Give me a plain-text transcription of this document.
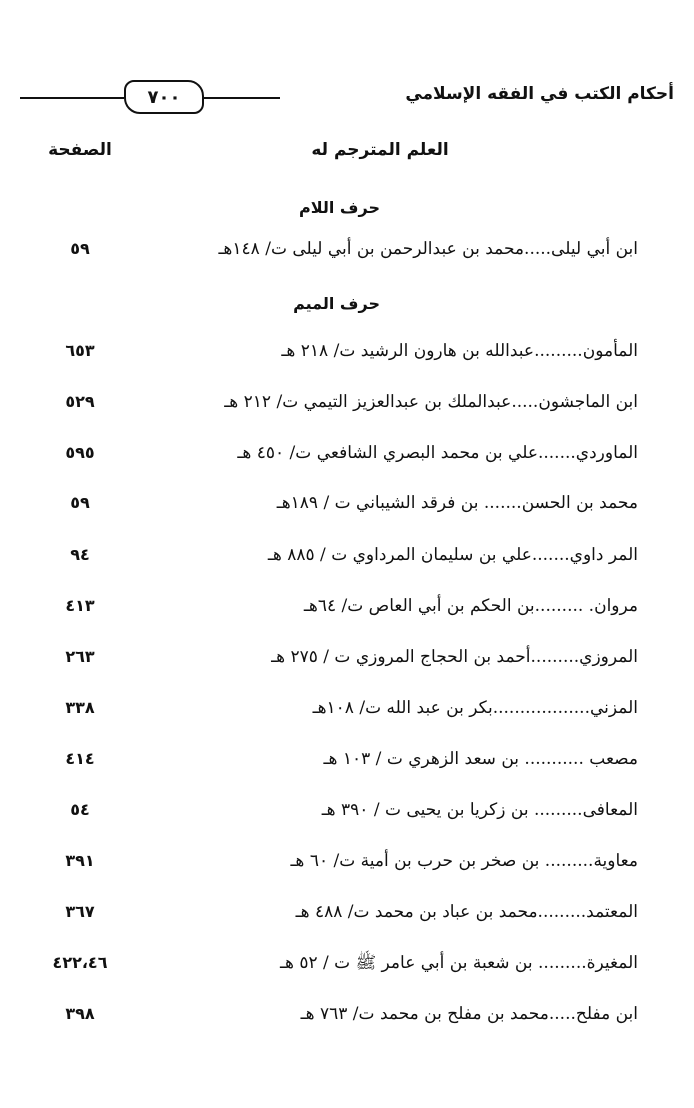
٧٠٠	أحكام الكتب في الفقه الإسلامي
العلم المترجم له
الصفحة
حرف اللام
ابن أبي ليلى.....محمد بن عبدالرحمن بن أبي ليلى ت/ ١٤٨هـ
٥٩
حرف الميم
المأمون.........عبدالله بن هارون الرشيد ت/ ٢١٨ هـ
٦٥٣
ابن الماجشون.....عبدالملك بن عبدالعزيز التيمي ت/ ٢١٢ هـ
٥٢٩
الماوردي.......علي بن محمد البصري الشافعي ت/ ٤٥٠ هـ
٥٩٥
محمد بن الحسن....... بن فرقد الشيباني ت / ١٨٩هـ
٥٩
المر داوي.......علي بن سليمان المرداوي ت / ٨٨٥ هـ
٩٤
مروان. .........بن الحكم بن أبي العاص ت/ ٦٤هـ
٤١٣
المروزي.........أحمد بن الحجاج المروزي ت / ٢٧٥ هـ
٢٦٣
المزني..................بكر بن عبد الله ت/ ١٠٨هـ
٣٣٨
مصعب ........... بن سعد الزهري ت / ١٠٣ هـ
٤١٤
المعافى......... بن زكريا بن يحيى ت / ٣٩٠ هـ
٥٤
معاوية......... بن صخر بن حرب بن أمية ت/ ٦٠ هـ
٣٩١
المعتمد.........محمد بن عباد بن محمد ت/ ٤٨٨ هـ
٣٦٧
المغيرة......... بن شعبة بن أبي عامر ﷺ ت / ٥٢ هـ
٤٢٢،٤٦
ابن مفلح.....محمد بن مفلح بن محمد ت/ ٧٦٣ هـ
٣٩٨
